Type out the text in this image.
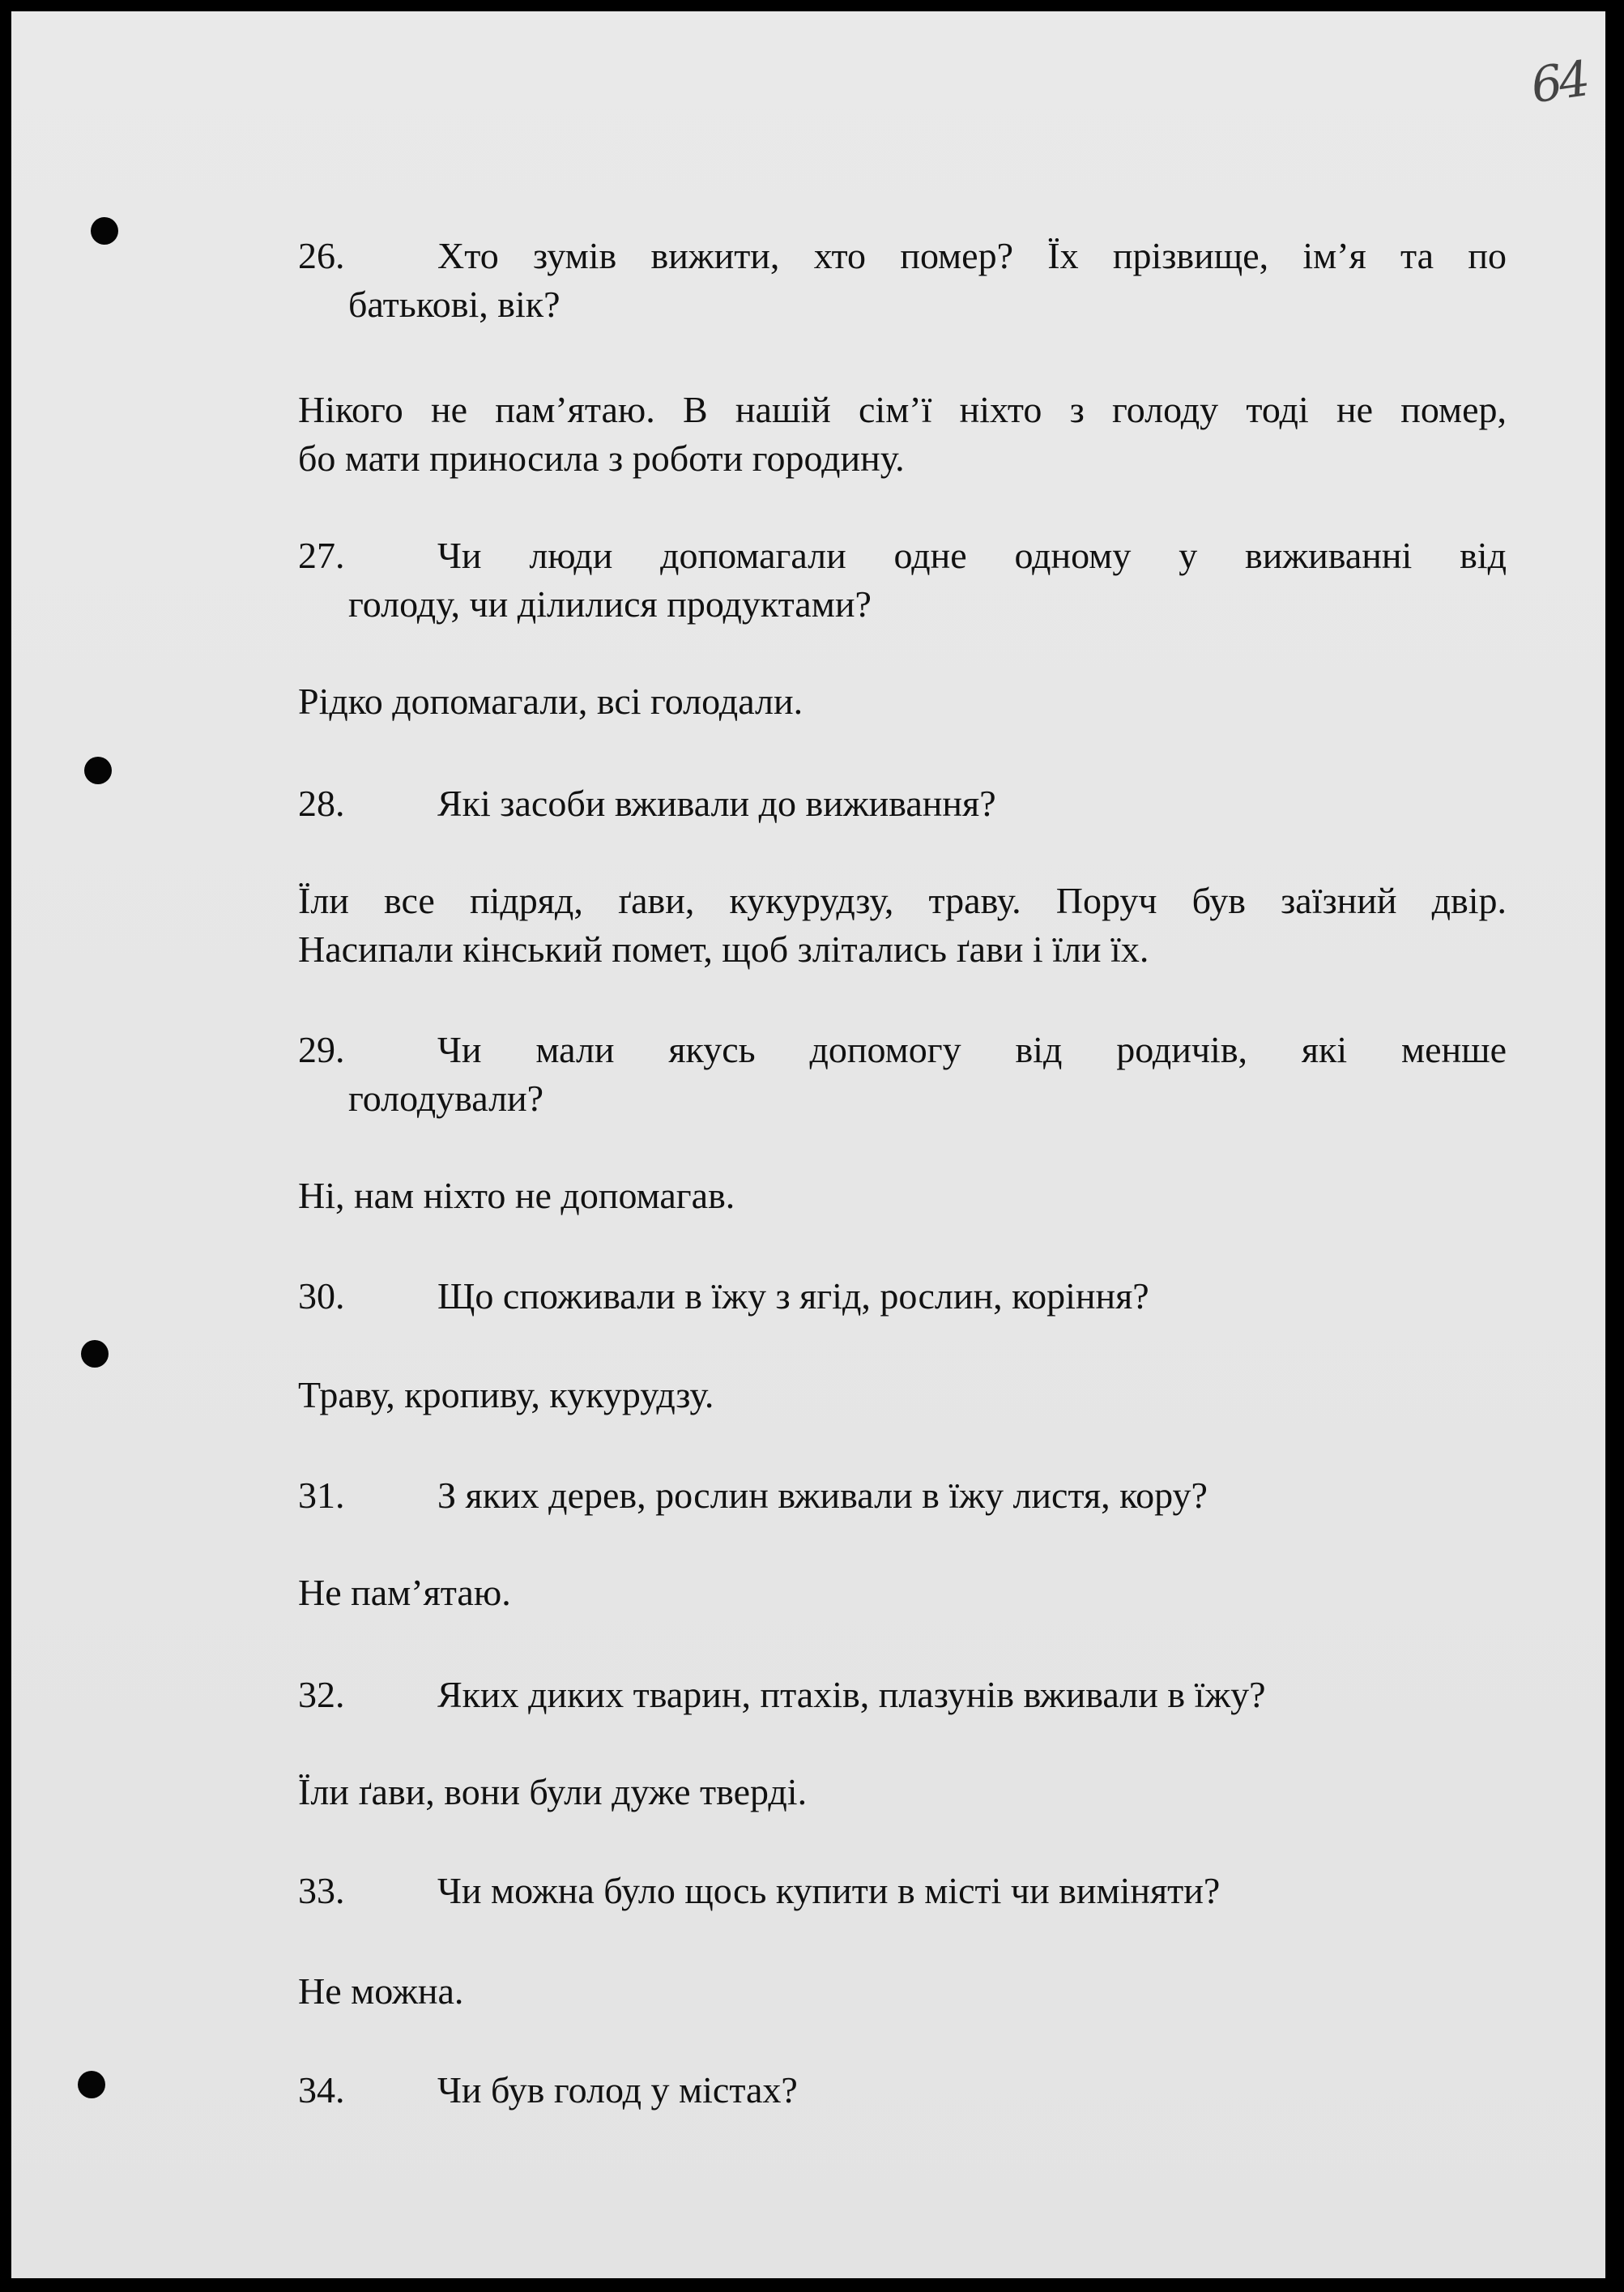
64
26.	Хто зумів вижити, хто помер? Їх прізвище, ім’я та по
батькові, вік?
Нікого не пам’ятаю. В нашій сім’ї ніхто з голоду тоді не помер,
бо мати приносила з роботи городину.
27.	Чи люди допомагали одне одному у виживанні від
голоду, чи ділилися продуктами?
Рідко допомагали, всі голодали.
28.	Які засоби вживали до виживання?
Їли все підряд, ґави, кукурудзу, траву. Поруч був заїзний двір.
Насипали кінський помет, щоб злітались ґави і їли їх.
29.	Чи мали якусь допомогу від родичів, які менше
голодували?
Ні, нам ніхто не допомагав.
30.	Що споживали в їжу з ягід, рослин, коріння?
Траву, кропиву, кукурудзу.
31.	З яких дерев, рослин вживали в їжу листя, кору?
Не пам’ятаю.
32.	Яких диких тварин, птахів, плазунів вживали в їжу?
Їли ґави, вони були дуже тверді.
33.	Чи можна було щось купити в місті чи виміняти?
Не можна.
34.	Чи був голод у містах?
